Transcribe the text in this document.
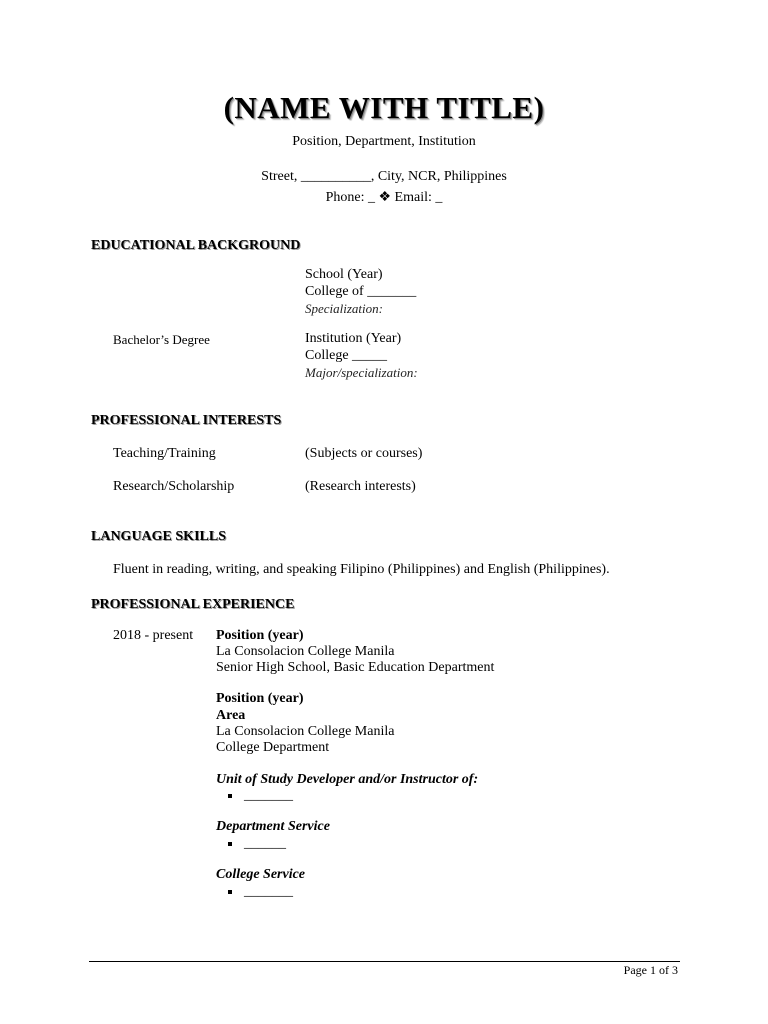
(NAME WITH TITLE)
Position, Department, Institution
Street, __________, City, NCR, Philippines
Phone: _ ❖ Email: _
EDUCATIONAL BACKGROUND
School (Year)
College of _______
Specialization:
Bachelor’s Degree	Institution (Year)
College _____
Major/specialization:
PROFESSIONAL INTERESTS
Teaching/Training	(Subjects or courses)
Research/Scholarship	(Research interests)
LANGUAGE SKILLS
Fluent in reading, writing, and speaking Filipino (Philippines) and English (Philippines).
PROFESSIONAL EXPERIENCE
2018 - present Position (year)
La Consolacion College Manila
Senior High School, Basic Education Department
Position (year)
Area
La Consolacion College Manila
College Department
Unit of Study Developer and/or Instructor of:
_______
Department Service
______
College Service
_______
Page 1 of 3
